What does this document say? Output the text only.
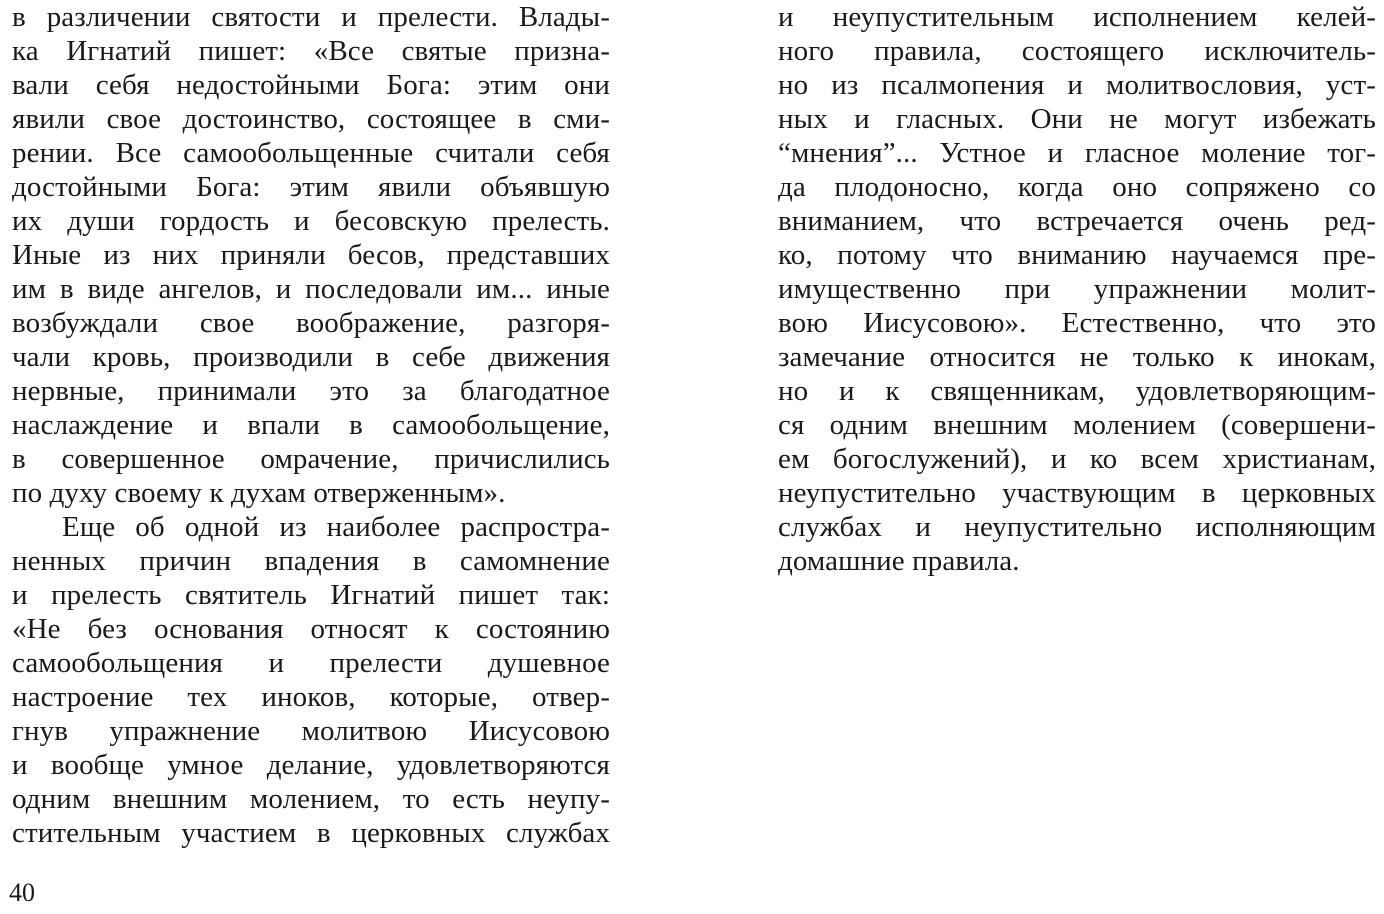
в различении святости и прелести. Влады-
ка Игнатий пишет: «Все святые призна-
вали себя недостойными Бога: этим они
явили свое достоинство, состоящее в сми-
рении. Все самообольщенные считали себя
достойными Бога: этим явили объявшую
их души гордость и бесовскую прелесть.
Иные из них приняли бесов, представших
им в виде ангелов, и последовали им... иные
возбуждали свое воображение, разгоря-
чали кровь, производили в себе движения
нервные, принимали это за благодатное
наслаждение и впали в самообольщение,
в совершенное омрачение, причислились
по духу своему к духам отверженным».
Еще об одной из наиболее распростра-
ненных причин впадения в самомнение
и прелесть святитель Игнатий пишет так:
«Не без основания относят к состоянию
самообольщения и прелести душевное
настроение тех иноков, которые, отвер-
гнув упражнение молитвою Иисусовою
и вообще умное делание, удовлетворяются
одним внешним молением, то есть неупу-
стительным участием в церковных службах
и неупустительным исполнением келей-
ного правила, состоящего исключитель-
но из псалмопения и молитвословия, уст-
ных и гласных. Они не могут избежать
“мнения”... Устное и гласное моление тог-
да плодоносно, когда оно сопряжено со
вниманием, что встречается очень ред-
ко, потому что вниманию научаемся пре-
имущественно при упражнении молит-
вою Иисусовою». Естественно, что это
замечание относится не только к инокам,
но и к священникам, удовлетворяющим-
ся одним внешним молением (совершени-
ем богослужений), и ко всем христианам,
неупустительно участвующим в церковных
службах и неупустительно исполняющим
домашние правила.
40
